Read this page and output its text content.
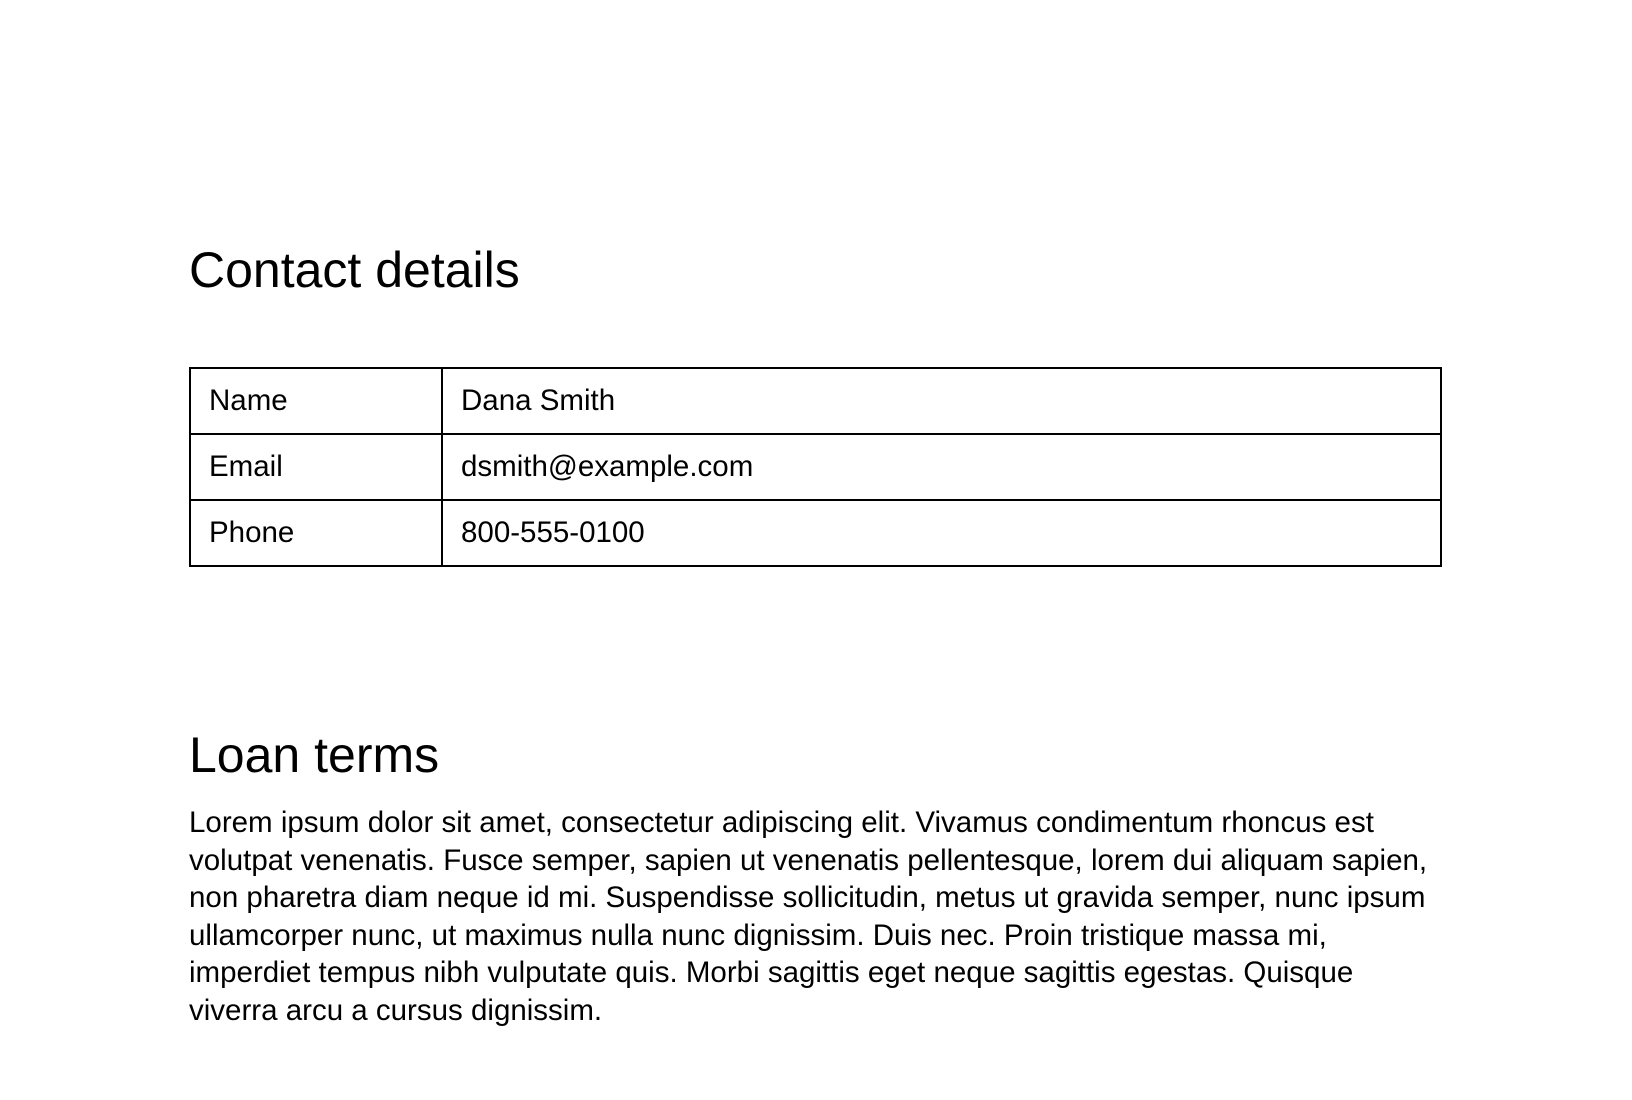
Contact details
Name	Dana Smith
Email	dsmith@example.com
Phone	800-555-0100
Loan terms

Lorem ipsum dolor sit amet, consectetur adipiscing elit. Vivamus condimentum rhoncus est volutpat venenatis. Fusce semper, sapien ut venenatis pellentesque, lorem dui aliquam sapien, non pharetra diam neque id mi. Suspendisse sollicitudin, metus ut gravida semper, nunc ipsum ullamcorper nunc, ut maximus nulla nunc dignissim. Duis nec. Proin tristique massa mi, imperdiet tempus nibh vulputate quis. Morbi sagittis eget neque sagittis egestas. Quisque viverra arcu a cursus dignissim.
